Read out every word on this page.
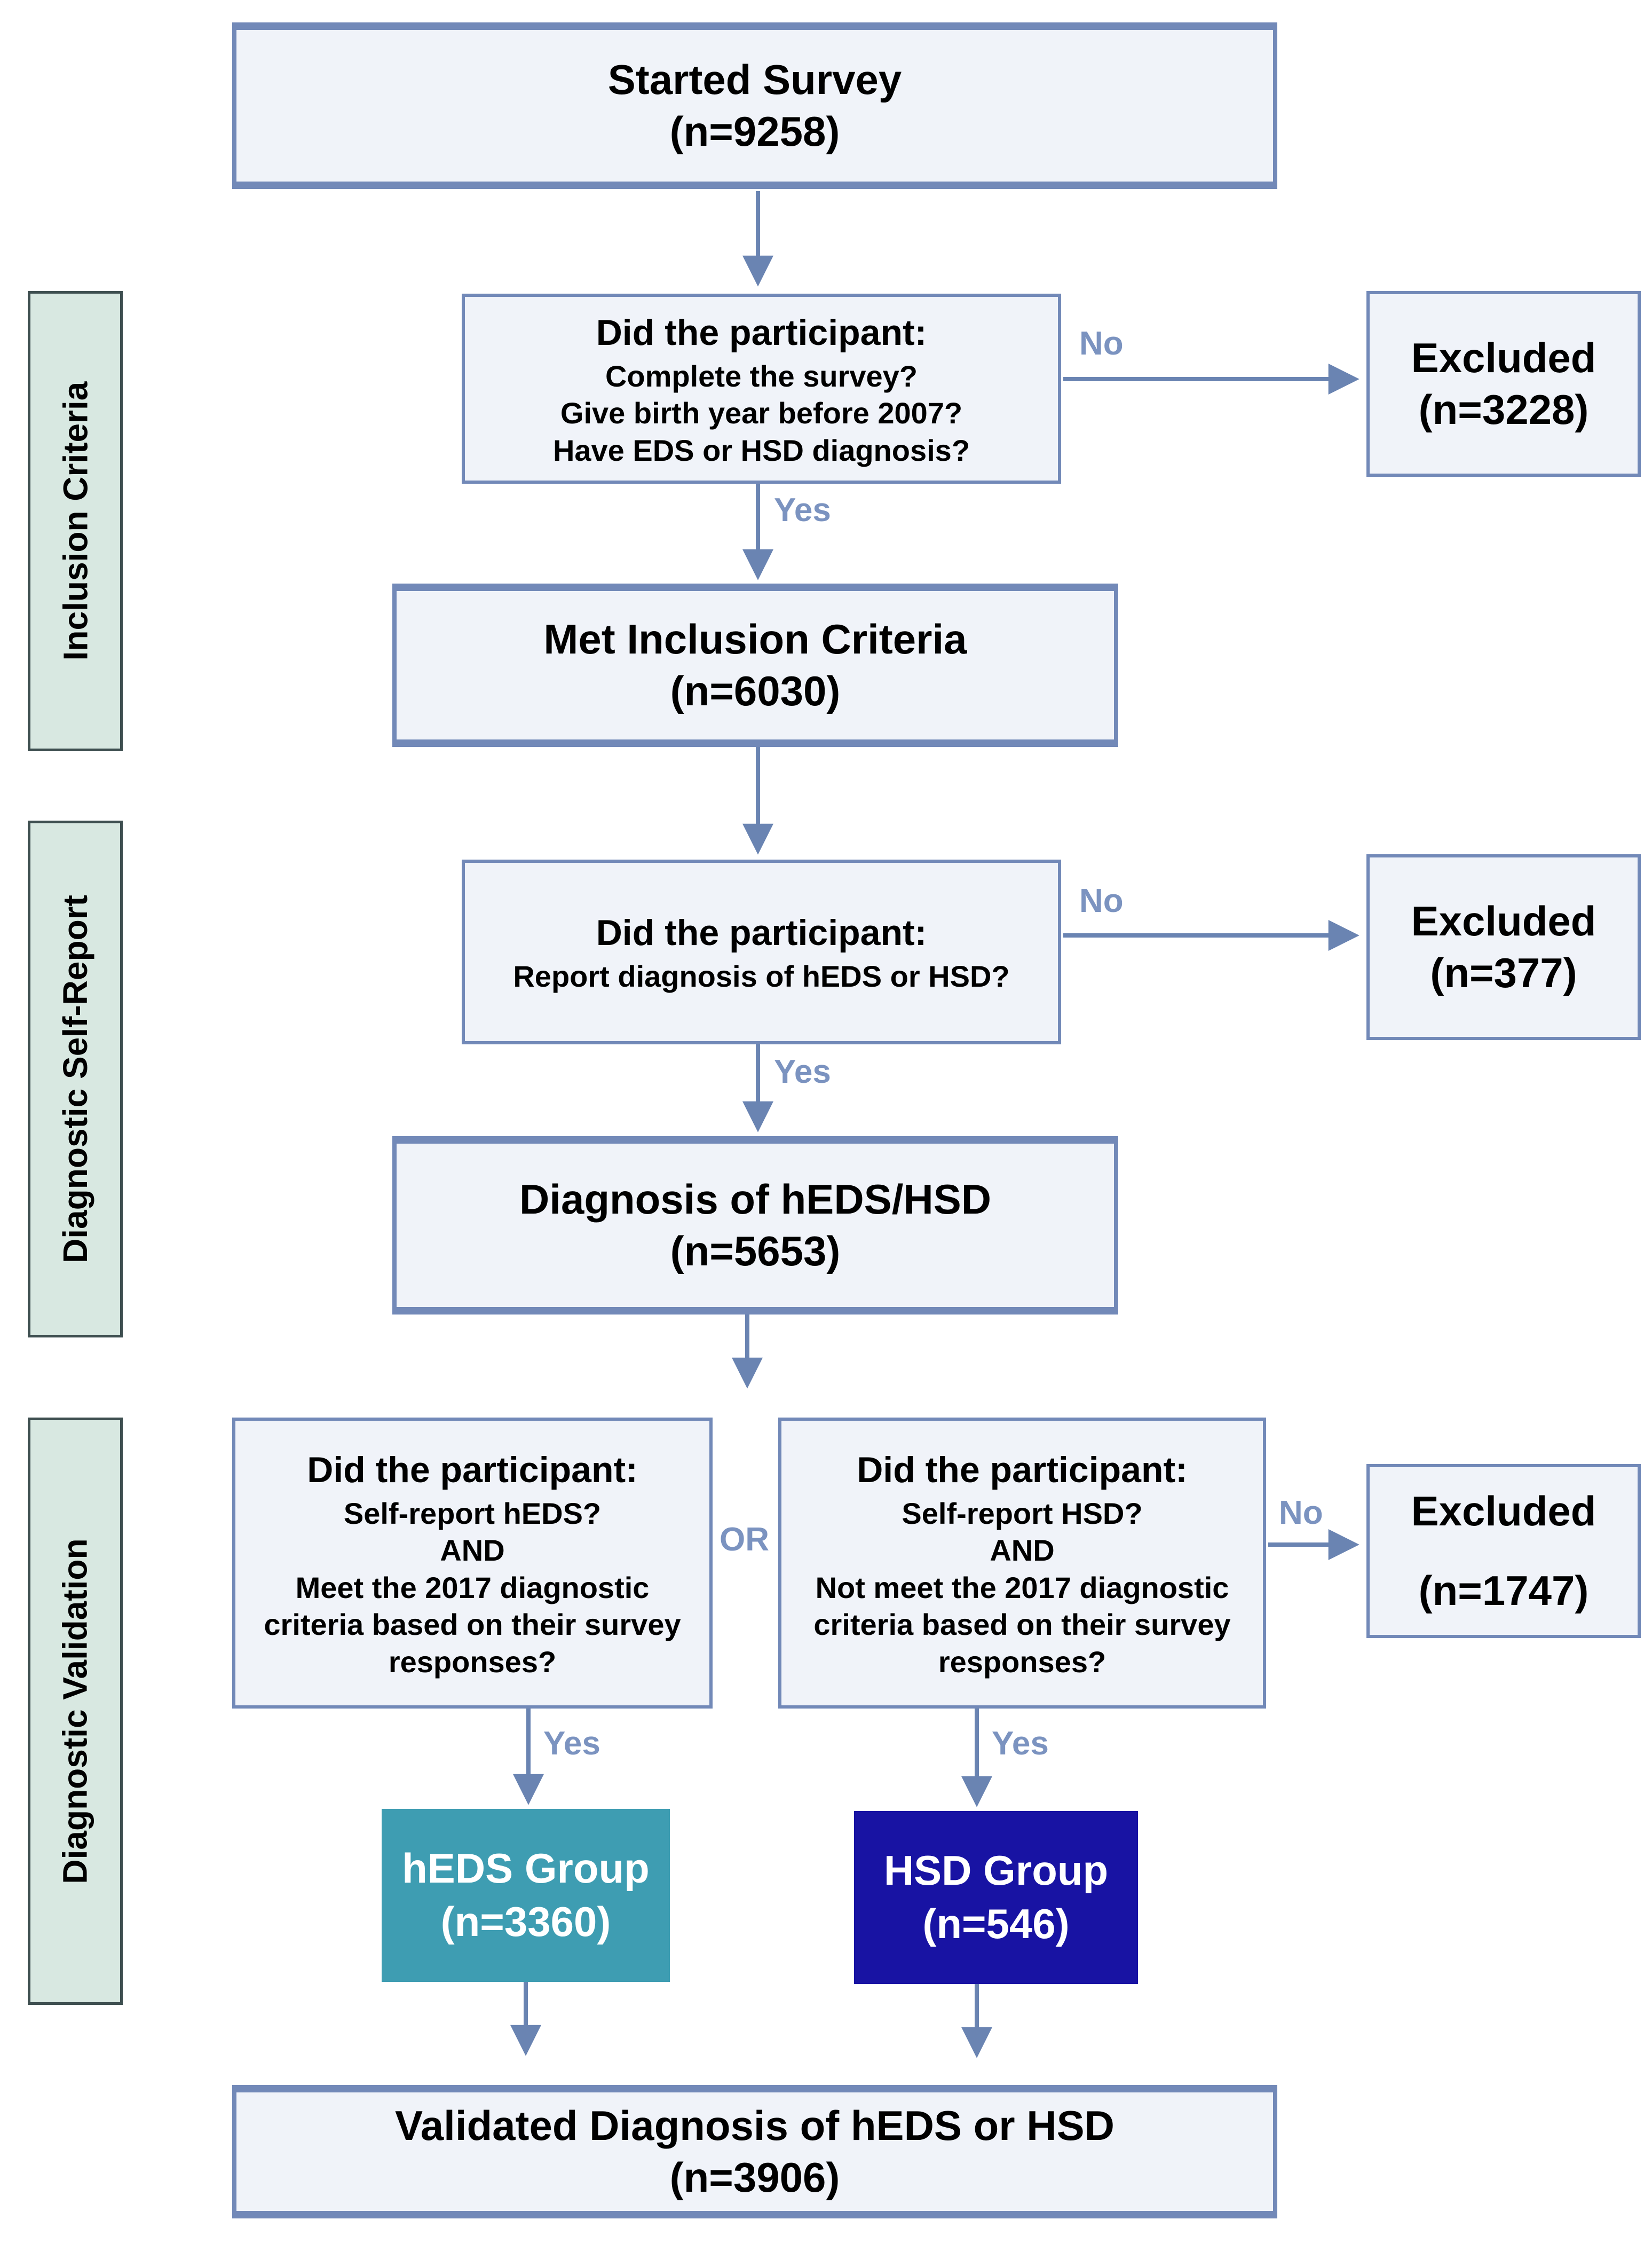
Inclusion Criteria
Diagnostic Self-Report
Diagnostic Validation
Started Survey
(n=9258)
Did the participant:
Complete the survey?
Give birth year before 2007?
Have EDS or HSD diagnosis?
Excluded
(n=3228)
Met Inclusion Criteria
(n=6030)
Did the participant:
Report diagnosis of hEDS or HSD?
Excluded
(n=377)
Diagnosis of hEDS/HSD
(n=5653)
Did the participant:
Self-report hEDS?
AND
Meet the 2017 diagnostic criteria based on their survey responses?
Did the participant:
Self-report HSD?
AND
Not meet the 2017 diagnostic criteria based on their survey responses?
Excluded
(n=1747)
hEDS Group
(n=3360)
HSD Group
(n=546)
Validated Diagnosis of hEDS or HSD
(n=3906)
No
Yes
No
Yes
OR
No
Yes	Yes
